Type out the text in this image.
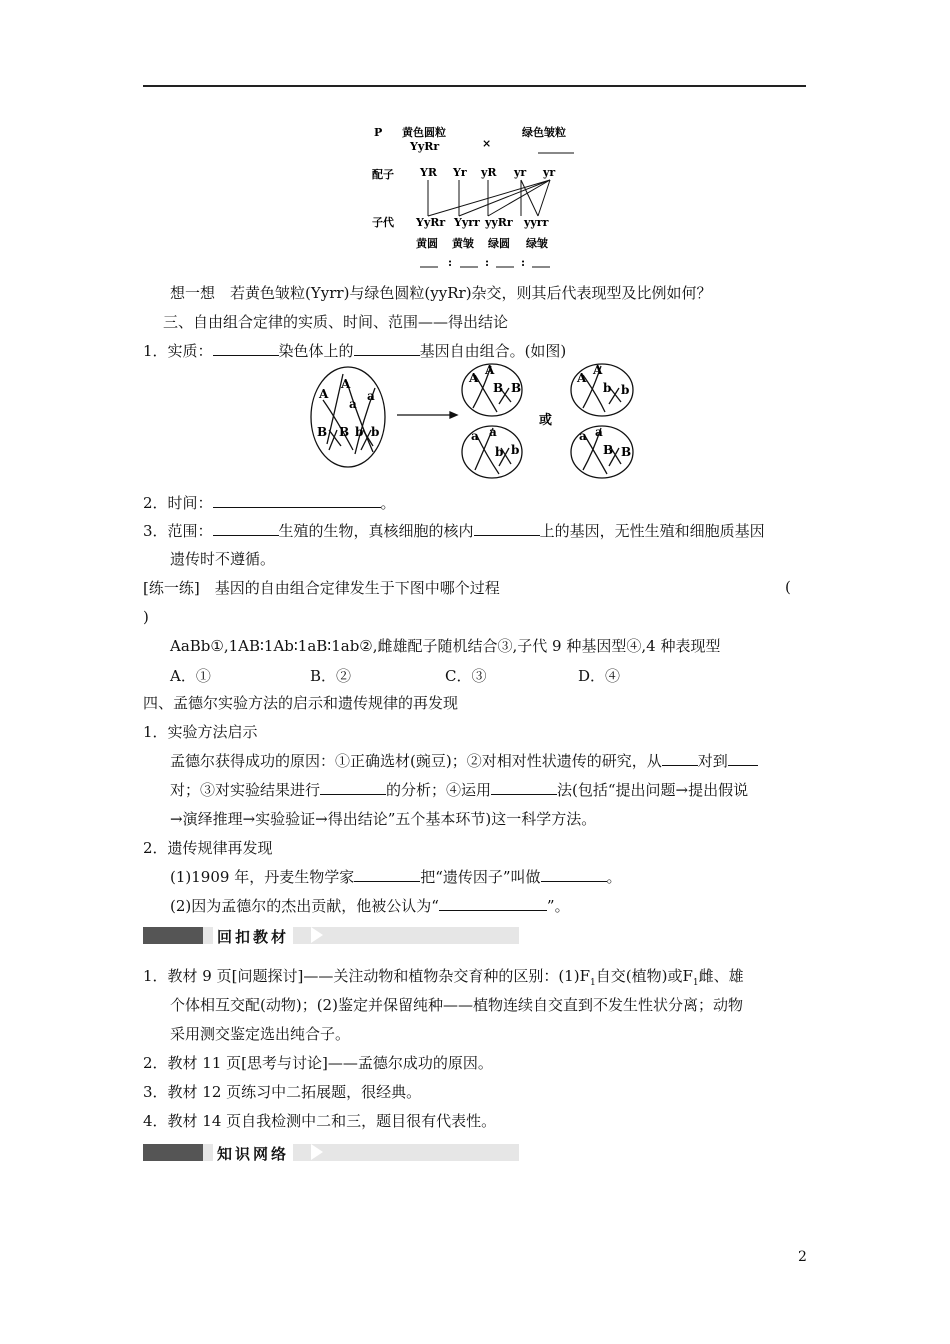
P 黄色圆粒
YyRr	×
绿色皱粒
配子 YR Yr yR yr yr
子代 YyRr Yyrr yyRr yyrr
黄圆 黄皱 绿圆 绿皱
:	:	:
想一想　若黄色皱粒(Yyrr)与绿色圆粒(yyRr)杂交，则其后代表现型及比例如何？
三、自由组合定律的实质、时间、范围——得出结论
1．实质：	染色体上的	基因自由组合。(如图)
A
A
a
a
B B b b
A
A
B B
a a
b b
A
A
b b
a a
B B
或
2．时间：	。
3．范围：	生殖的生物，真核细胞的核内	上的基因，无性生殖和细胞质基因
遗传时不遵循。
[练一练]　基因的自由组合定律发生于下图中哪个过程	(
)
AaBb①,1AB∶1Ab∶1aB∶1ab②,雌雄配子随机结合③,子代 9 种基因型④,4 种表现型
A．①	B．②	C．③	D．④
四、孟德尔实验方法的启示和遗传规律的再发现
1．实验方法启示
孟德尔获得成功的原因：①正确选材(豌豆)；②对相对性状遗传的研究，从 对到
对；③对实验结果进行	的分析；④运用	法(包括“提出问题→提出假说
→演绎推理→实验验证→得出结论”五个基本环节)这一科学方法。
2．遗传规律再发现
(1)1909 年，丹麦生物学家	把“遗传因子”叫做	。
(2)因为孟德尔的杰出贡献，他被公认为“	”。
回扣教材
1．教材 9 页[问题探讨]——关注动物和植物杂交育种的区别：$(1)F_1$自交(植物)或$F_1$雌、雄
个体相互交配(动物)；(2)鉴定并保留纯种——植物连续自交直到不发生性状分离；动物
采用测交鉴定选出纯合子。
2．教材 11 页[思考与讨论]——孟德尔成功的原因。
3．教材 12 页练习中二拓展题，很经典。
4．教材 14 页自我检测中二和三，题目很有代表性。
知识网络
2
